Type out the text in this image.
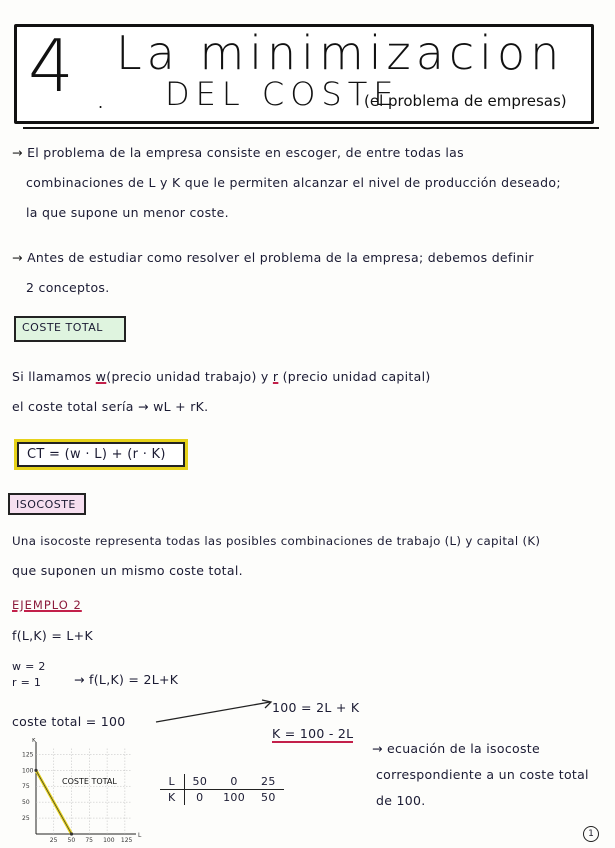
4 .
La minimizacion
DEL COSTE
(el problema de empresas)
→ El problema de la empresa consiste en escoger, de entre todas las
combinaciones de L y K que le permiten alcanzar el nivel de producción deseado;
la que supone un menor coste.
→ Antes de estudiar como resolver el problema de la empresa; debemos definir
2 conceptos.
COSTE TOTAL
Si llamamos w(precio unidad trabajo) y r (precio unidad capital)
el coste total sería → wL + rK.
CT = (w · L) + (r · K)
ISOCOSTE
Una isocoste representa todas las posibles combinaciones de trabajo (L) y capital (K)
que suponen un mismo coste total.
EJEMPLO 2
f(L,K) = L+K
w = 2
r = 1	→ f(L,K) = 2L+K
coste total = 100
100 = 2L + K
K = 100 - 2L
→ ecuación de la isocoste
correspondiente a un coste total
de 100.
L	50	0	25
K	0	100	50
L
K
25 50 75 100 125
125
100
75
50
25
COSTE TOTAL
1
